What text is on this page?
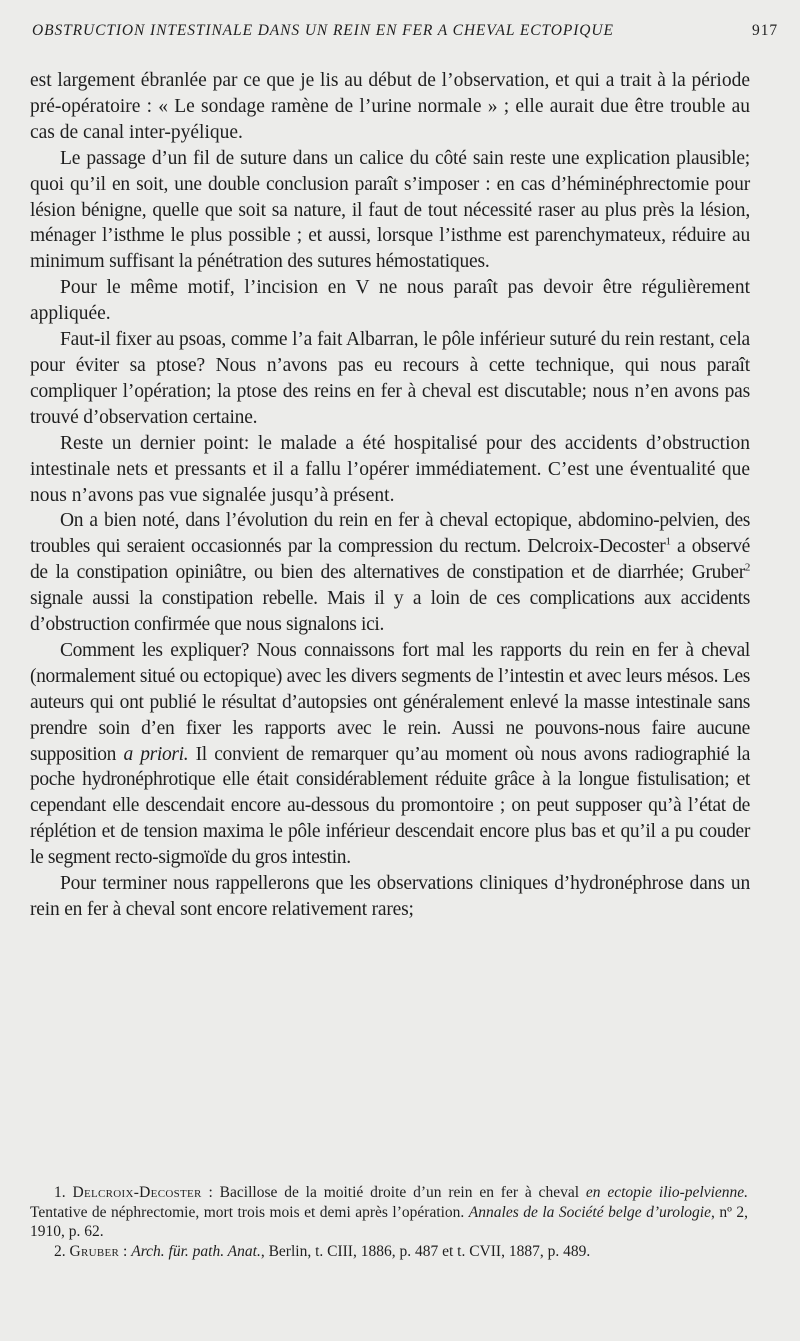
OBSTRUCTION INTESTINALE DANS UN REIN EN FER A CHEVAL ECTOPIQUE	917

est largement ébranlée par ce que je lis au début de l’observation, et qui a trait à la période pré-opératoire : « Le sondage ramène de l’urine normale » ; elle aurait due être trouble au cas de canal inter-pyélique.

Le passage d’un fil de suture dans un calice du côté sain reste une explication plausible; quoi qu’il en soit, une double conclusion paraît s’imposer : en cas d’héminéphrectomie pour lésion bénigne, quelle que soit sa nature, il faut de tout nécessité raser au plus près la lésion, ménager l’isthme le plus possible ; et aussi, lorsque l’isthme est parenchymateux, réduire au minimum suffisant la pénétration des sutures hémostatiques.

Pour le même motif, l’incision en V ne nous paraît pas devoir être régulièrement appliquée.

Faut-il fixer au psoas, comme l’a fait Albarran, le pôle inférieur suturé du rein restant, cela pour éviter sa ptose? Nous n’avons pas eu recours à cette technique, qui nous paraît compliquer l’opération; la ptose des reins en fer à cheval est discutable; nous n’en avons pas trouvé d’observation certaine.

Reste un dernier point: le malade a été hospitalisé pour des accidents d’obstruction intestinale nets et pressants et il a fallu l’opérer immédiatement. C’est une éventualité que nous n’avons pas vue signalée jusqu’à présent.

On a bien noté, dans l’évolution du rein en fer à cheval ectopique, abdomino-pelvien, des troubles qui seraient occasionnés par la compression du rectum. Delcroix-Decoster$^1$ a observé de la constipation opiniâtre, ou bien des alternatives de constipation et de diarrhée; Gruber$^2$ signale aussi la constipation rebelle. Mais il y a loin de ces complications aux accidents d’obstruction confirmée que nous signalons ici.

Comment les expliquer? Nous connaissons fort mal les rapports du rein en fer à cheval (normalement situé ou ectopique) avec les divers segments de l’intestin et avec leurs mésos. Les auteurs qui ont publié le résultat d’autopsies ont généralement enlevé la masse intestinale sans prendre soin d’en fixer les rapports avec le rein. Aussi ne pouvons-nous faire aucune supposition a priori. Il convient de remarquer qu’au moment où nous avons radiographié la poche hydronéphrotique elle était considérablement réduite grâce à la longue fistulisation; et cependant elle descendait encore au-dessous du promontoire ; on peut supposer qu’à l’état de réplétion et de tension maxima le pôle inférieur descendait encore plus bas et qu’il a pu couder le segment recto-sigmoïde du gros intestin.

Pour terminer nous rappellerons que les observations cliniques d’hydronéphrose dans un rein en fer à cheval sont encore relativement rares;

1. Delcroix-Decoster : Bacillose de la moitié droite d’un rein en fer à cheval en ectopie ilio-pelvienne. Tentative de néphrectomie, mort trois mois et demi après l’opération. Annales de la Société belge d’urologie, nº 2, 1910, p. 62.

2. Gruber : Arch. für. path. Anat., Berlin, t. CIII, 1886, p. 487 et t. CVII, 1887, p. 489.
